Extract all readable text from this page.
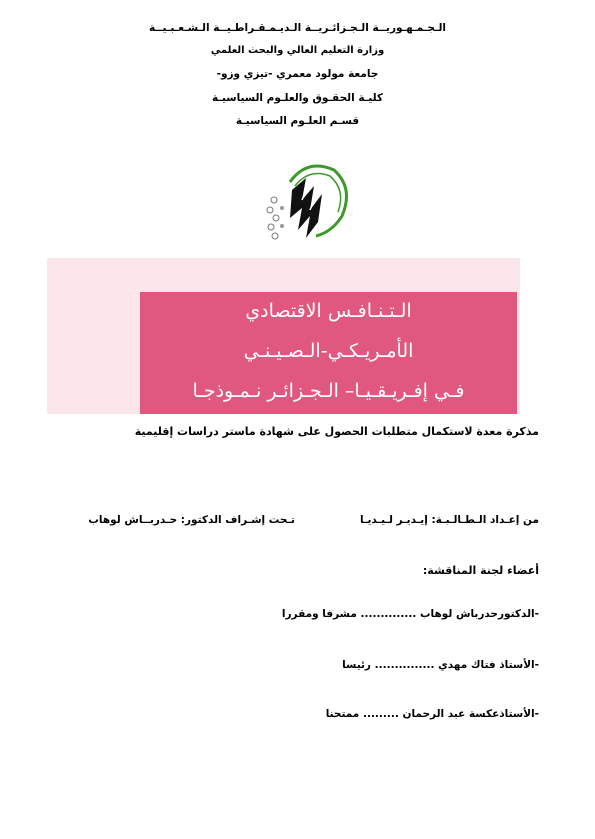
الـجـمـهـوريــة الـجـزائـريــة الـديـمـقـراطـيــة الـشـعـبـيــة
وزارة التعليم العالي والبحث العلمي
جامعة مولود معمري -تيزي وزو-
كليـة الحقـوق والعلـوم السياسيـة
قسـم العلـوم السياسيـة
الـتـنـافـس الاقتصادي
الأمـريـكـي-الـصـيـنـي
فـي إفـريـقـيـا– الـجـزائـر نـمـوذجـا
مذكرة معدة لاستكمال متطلبات الحصول على شهادة ماستر دراسات إقليمية
من إعـداد الـطـالـبـة: إيـديـر لـيـديـا
تـحت إشـراف الدكتور: حـدربــاش لوهاب
أعضاء لجنة المناقشة:
-الدكتورحدرباش لوهاب .............. مشرفا ومقررا
-الأستاذ فتاك مهدي ............... رئيسا
-الأستاذعكسة عبد الرحمان ......... ممتحنا
